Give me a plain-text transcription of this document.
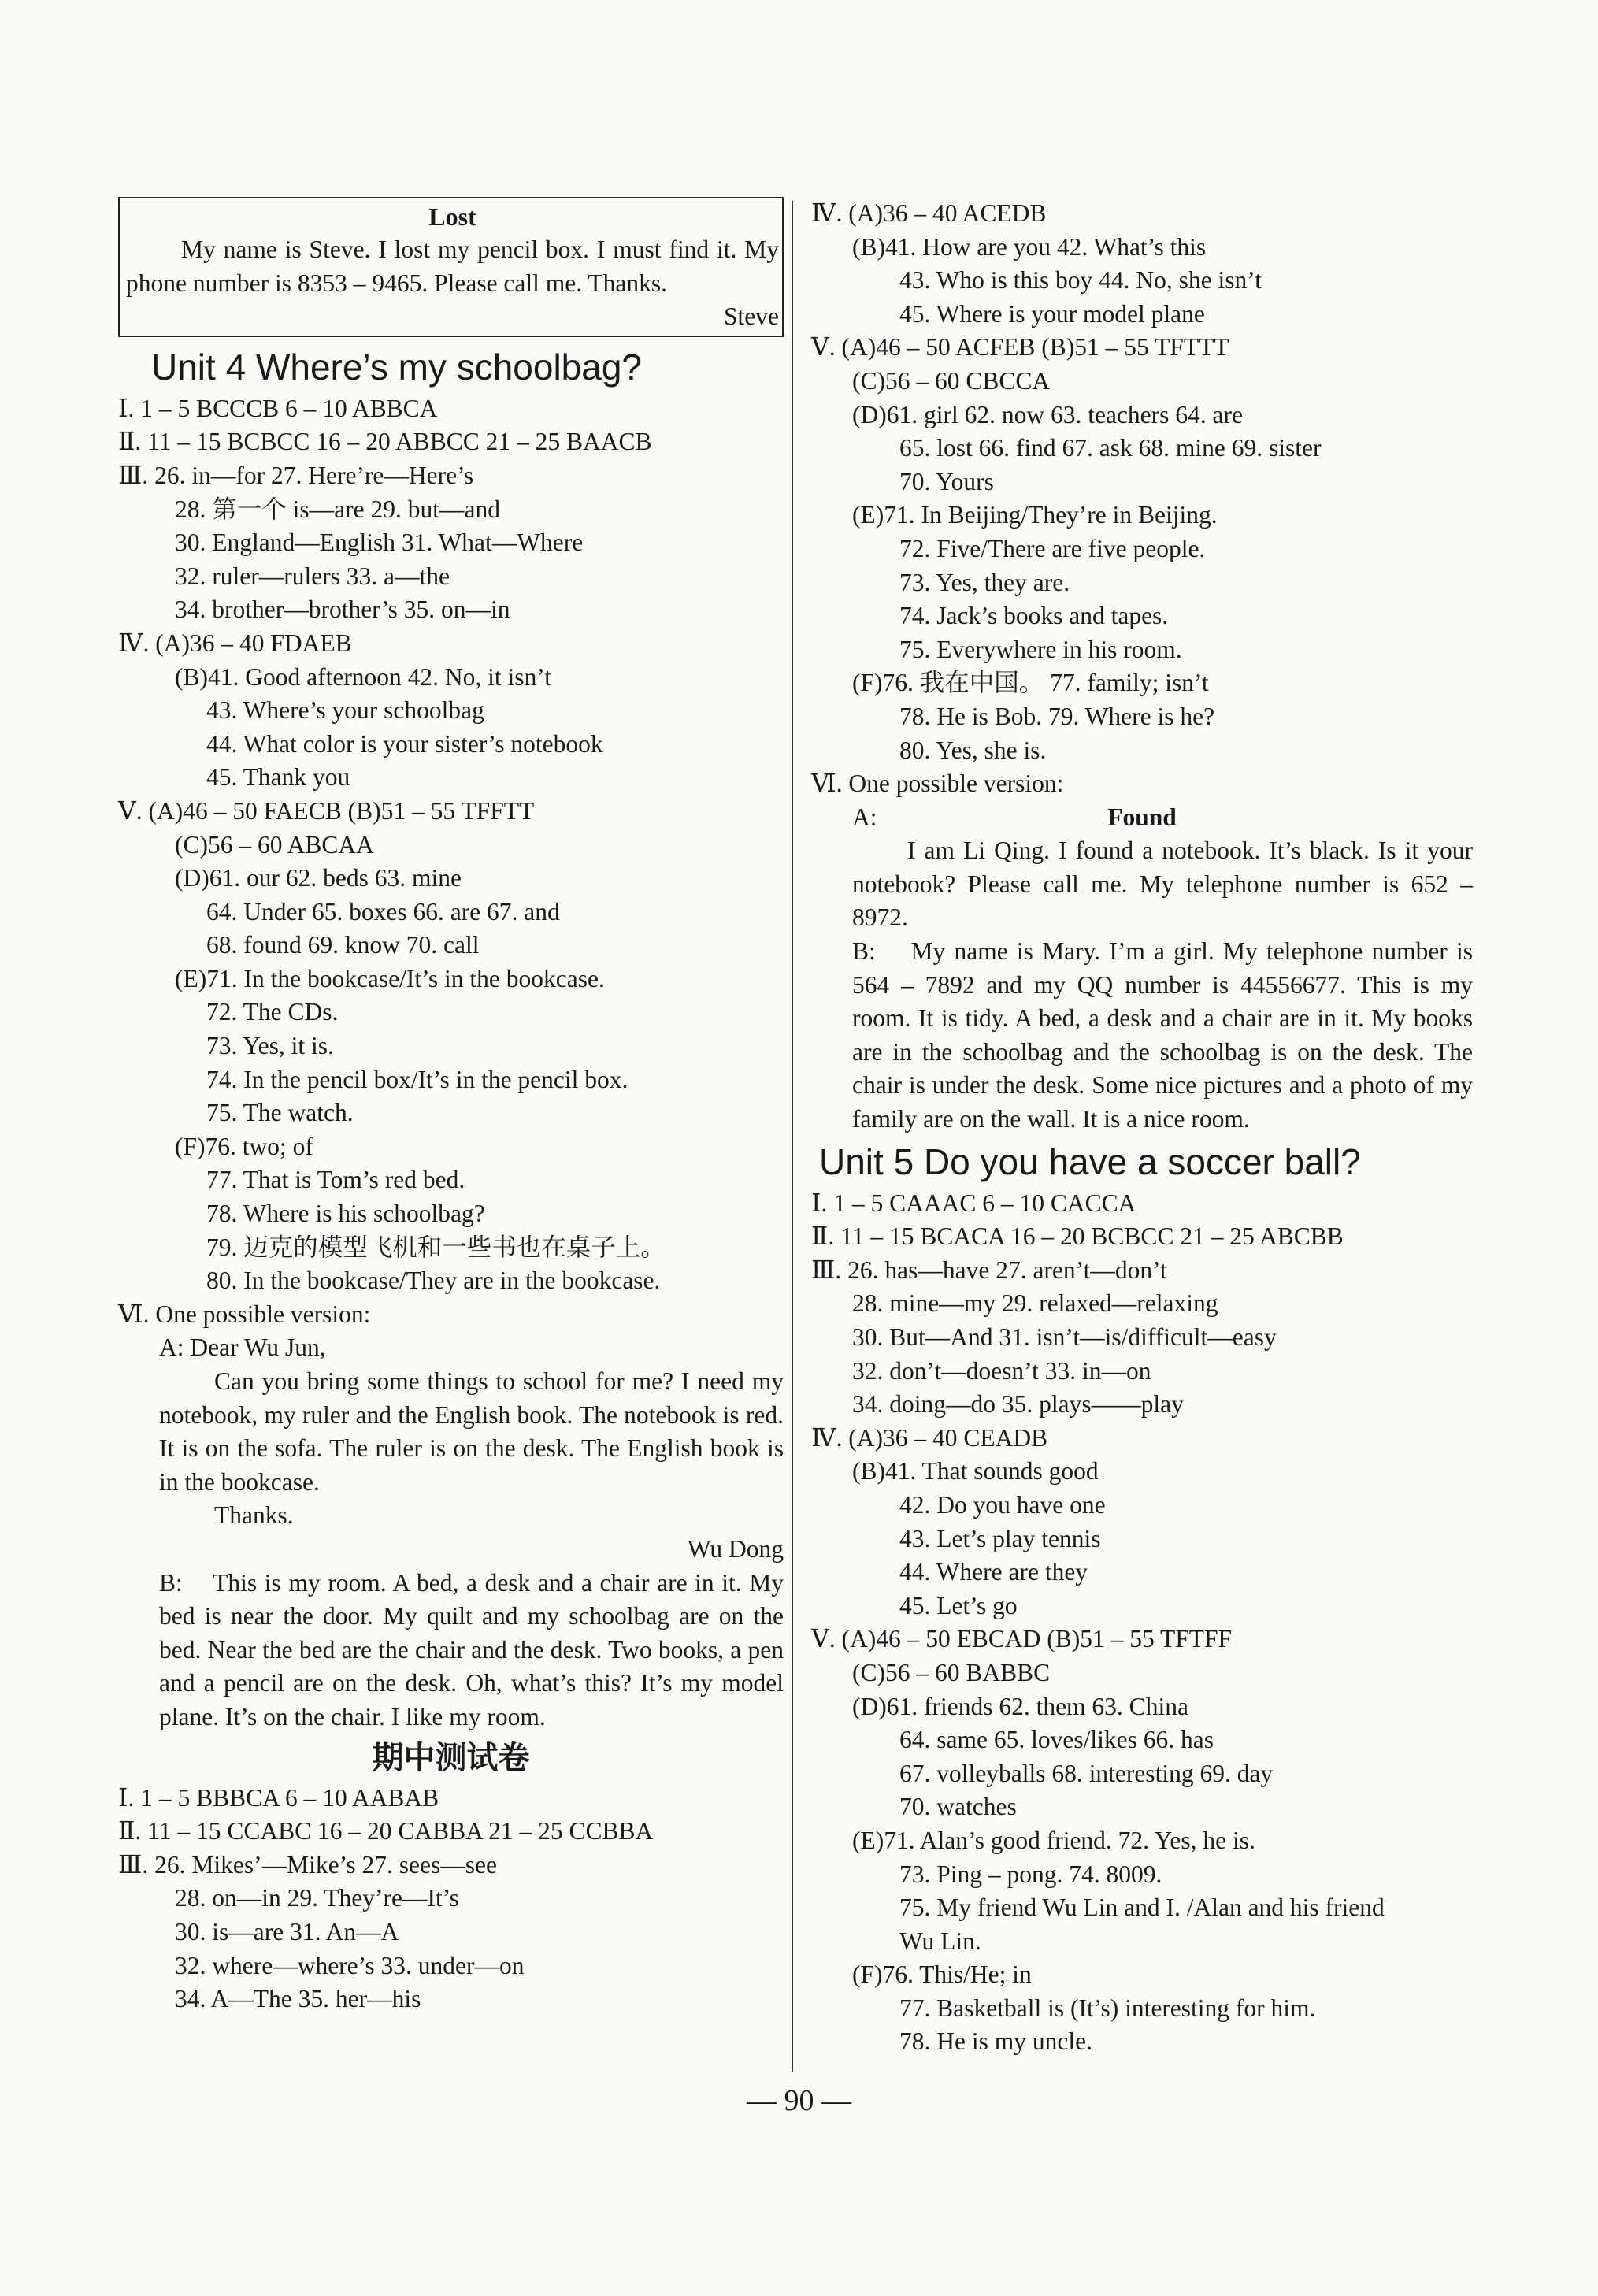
Lost
My name is Steve. I lost my pencil box. I must find it. My phone number is 8353 – 9465. Please call me. Thanks.
Steve
Unit 4 Where’s my schoolbag?
Ⅰ. 1 – 5 BCCCB 6 – 10 ABBCA
Ⅱ. 11 – 15 BCBCC 16 – 20 ABBCC 21 – 25 BAACB
Ⅲ. 26. in—for 27. Here’re—Here’s
28. 第一个 is—are 29. but—and
30. England—English 31. What—Where
32. ruler—rulers 33. a—the
34. brother—brother’s 35. on—in
Ⅳ. (A)36 – 40 FDAEB
(B)41. Good afternoon 42. No, it isn’t
43. Where’s your schoolbag
44. What color is your sister’s notebook
45. Thank you
Ⅴ. (A)46 – 50 FAECB (B)51 – 55 TFFTT
(C)56 – 60 ABCAA
(D)61. our 62. beds 63. mine
64. Under 65. boxes 66. are 67. and
68. found 69. know 70. call
(E)71. In the bookcase/It’s in the bookcase.
72. The CDs.
73. Yes, it is.
74. In the pencil box/It’s in the pencil box.
75. The watch.
(F)76. two; of
77. That is Tom’s red bed.
78. Where is his schoolbag?
79. 迈克的模型飞机和一些书也在桌子上。
80. In the bookcase/They are in the bookcase.
Ⅵ. One possible version:
A: Dear Wu Jun,
Can you bring some things to school for me? I need my notebook, my ruler and the English book. The notebook is red. It is on the sofa. The ruler is on the desk. The English book is in the bookcase.
Thanks.
Wu Dong
B: This is my room. A bed, a desk and a chair are in it. My bed is near the door. My quilt and my schoolbag are on the bed. Near the bed are the chair and the desk. Two books, a pen and a pencil are on the desk. Oh, what’s this? It’s my model plane. It’s on the chair. I like my room.
期中测试卷
Ⅰ. 1 – 5 BBBCA 6 – 10 AABAB
Ⅱ. 11 – 15 CCABC 16 – 20 CABBA 21 – 25 CCBBA
Ⅲ. 26. Mikes’—Mike’s 27. sees—see
28. on—in 29. They’re—It’s
30. is—are 31. An—A
32. where—where’s 33. under—on
34. A—The 35. her—his
Ⅳ. (A)36 – 40 ACEDB
(B)41. How are you 42. What’s this
43. Who is this boy 44. No, she isn’t
45. Where is your model plane
Ⅴ. (A)46 – 50 ACFEB (B)51 – 55 TFTTT
(C)56 – 60 CBCCA
(D)61. girl 62. now 63. teachers 64. are
65. lost 66. find 67. ask 68. mine 69. sister
70. Yours
(E)71. In Beijing/They’re in Beijing.
72. Five/There are five people.
73. Yes, they are.
74. Jack’s books and tapes.
75. Everywhere in his room.
(F)76. 我在中国。 77. family; isn’t
78. He is Bob. 79. Where is he?
80. Yes, she is.
Ⅵ. One possible version:
A:	Found
I am Li Qing. I found a notebook. It’s black. Is it your notebook? Please call me. My telephone number is 652 – 8972.
B: My name is Mary. I’m a girl. My telephone number is 564 – 7892 and my QQ number is 44556677. This is my room. It is tidy. A bed, a desk and a chair are in it. My books are in the schoolbag and the schoolbag is on the desk. The chair is under the desk. Some nice pictures and a photo of my family are on the wall. It is a nice room.
Unit 5 Do you have a soccer ball?
Ⅰ. 1 – 5 CAAAC 6 – 10 CACCA
Ⅱ. 11 – 15 BCACA 16 – 20 BCBCC 21 – 25 ABCBB
Ⅲ. 26. has—have 27. aren’t—don’t
28. mine—my 29. relaxed—relaxing
30. But—And 31. isn’t—is/difficult—easy
32. don’t—doesn’t 33. in—on
34. doing—do 35. plays——play
Ⅳ. (A)36 – 40 CEADB
(B)41. That sounds good
42. Do you have one
43. Let’s play tennis
44. Where are they
45. Let’s go
Ⅴ. (A)46 – 50 EBCAD (B)51 – 55 TFTFF
(C)56 – 60 BABBC
(D)61. friends 62. them 63. China
64. same 65. loves/likes 66. has
67. volleyballs 68. interesting 69. day
70. watches
(E)71. Alan’s good friend. 72. Yes, he is.
73. Ping – pong. 74. 8009.
75. My friend Wu Lin and I. /Alan and his friend
Wu Lin.
(F)76. This/He; in
77. Basketball is (It’s) interesting for him.
78. He is my uncle.
— 90 —
